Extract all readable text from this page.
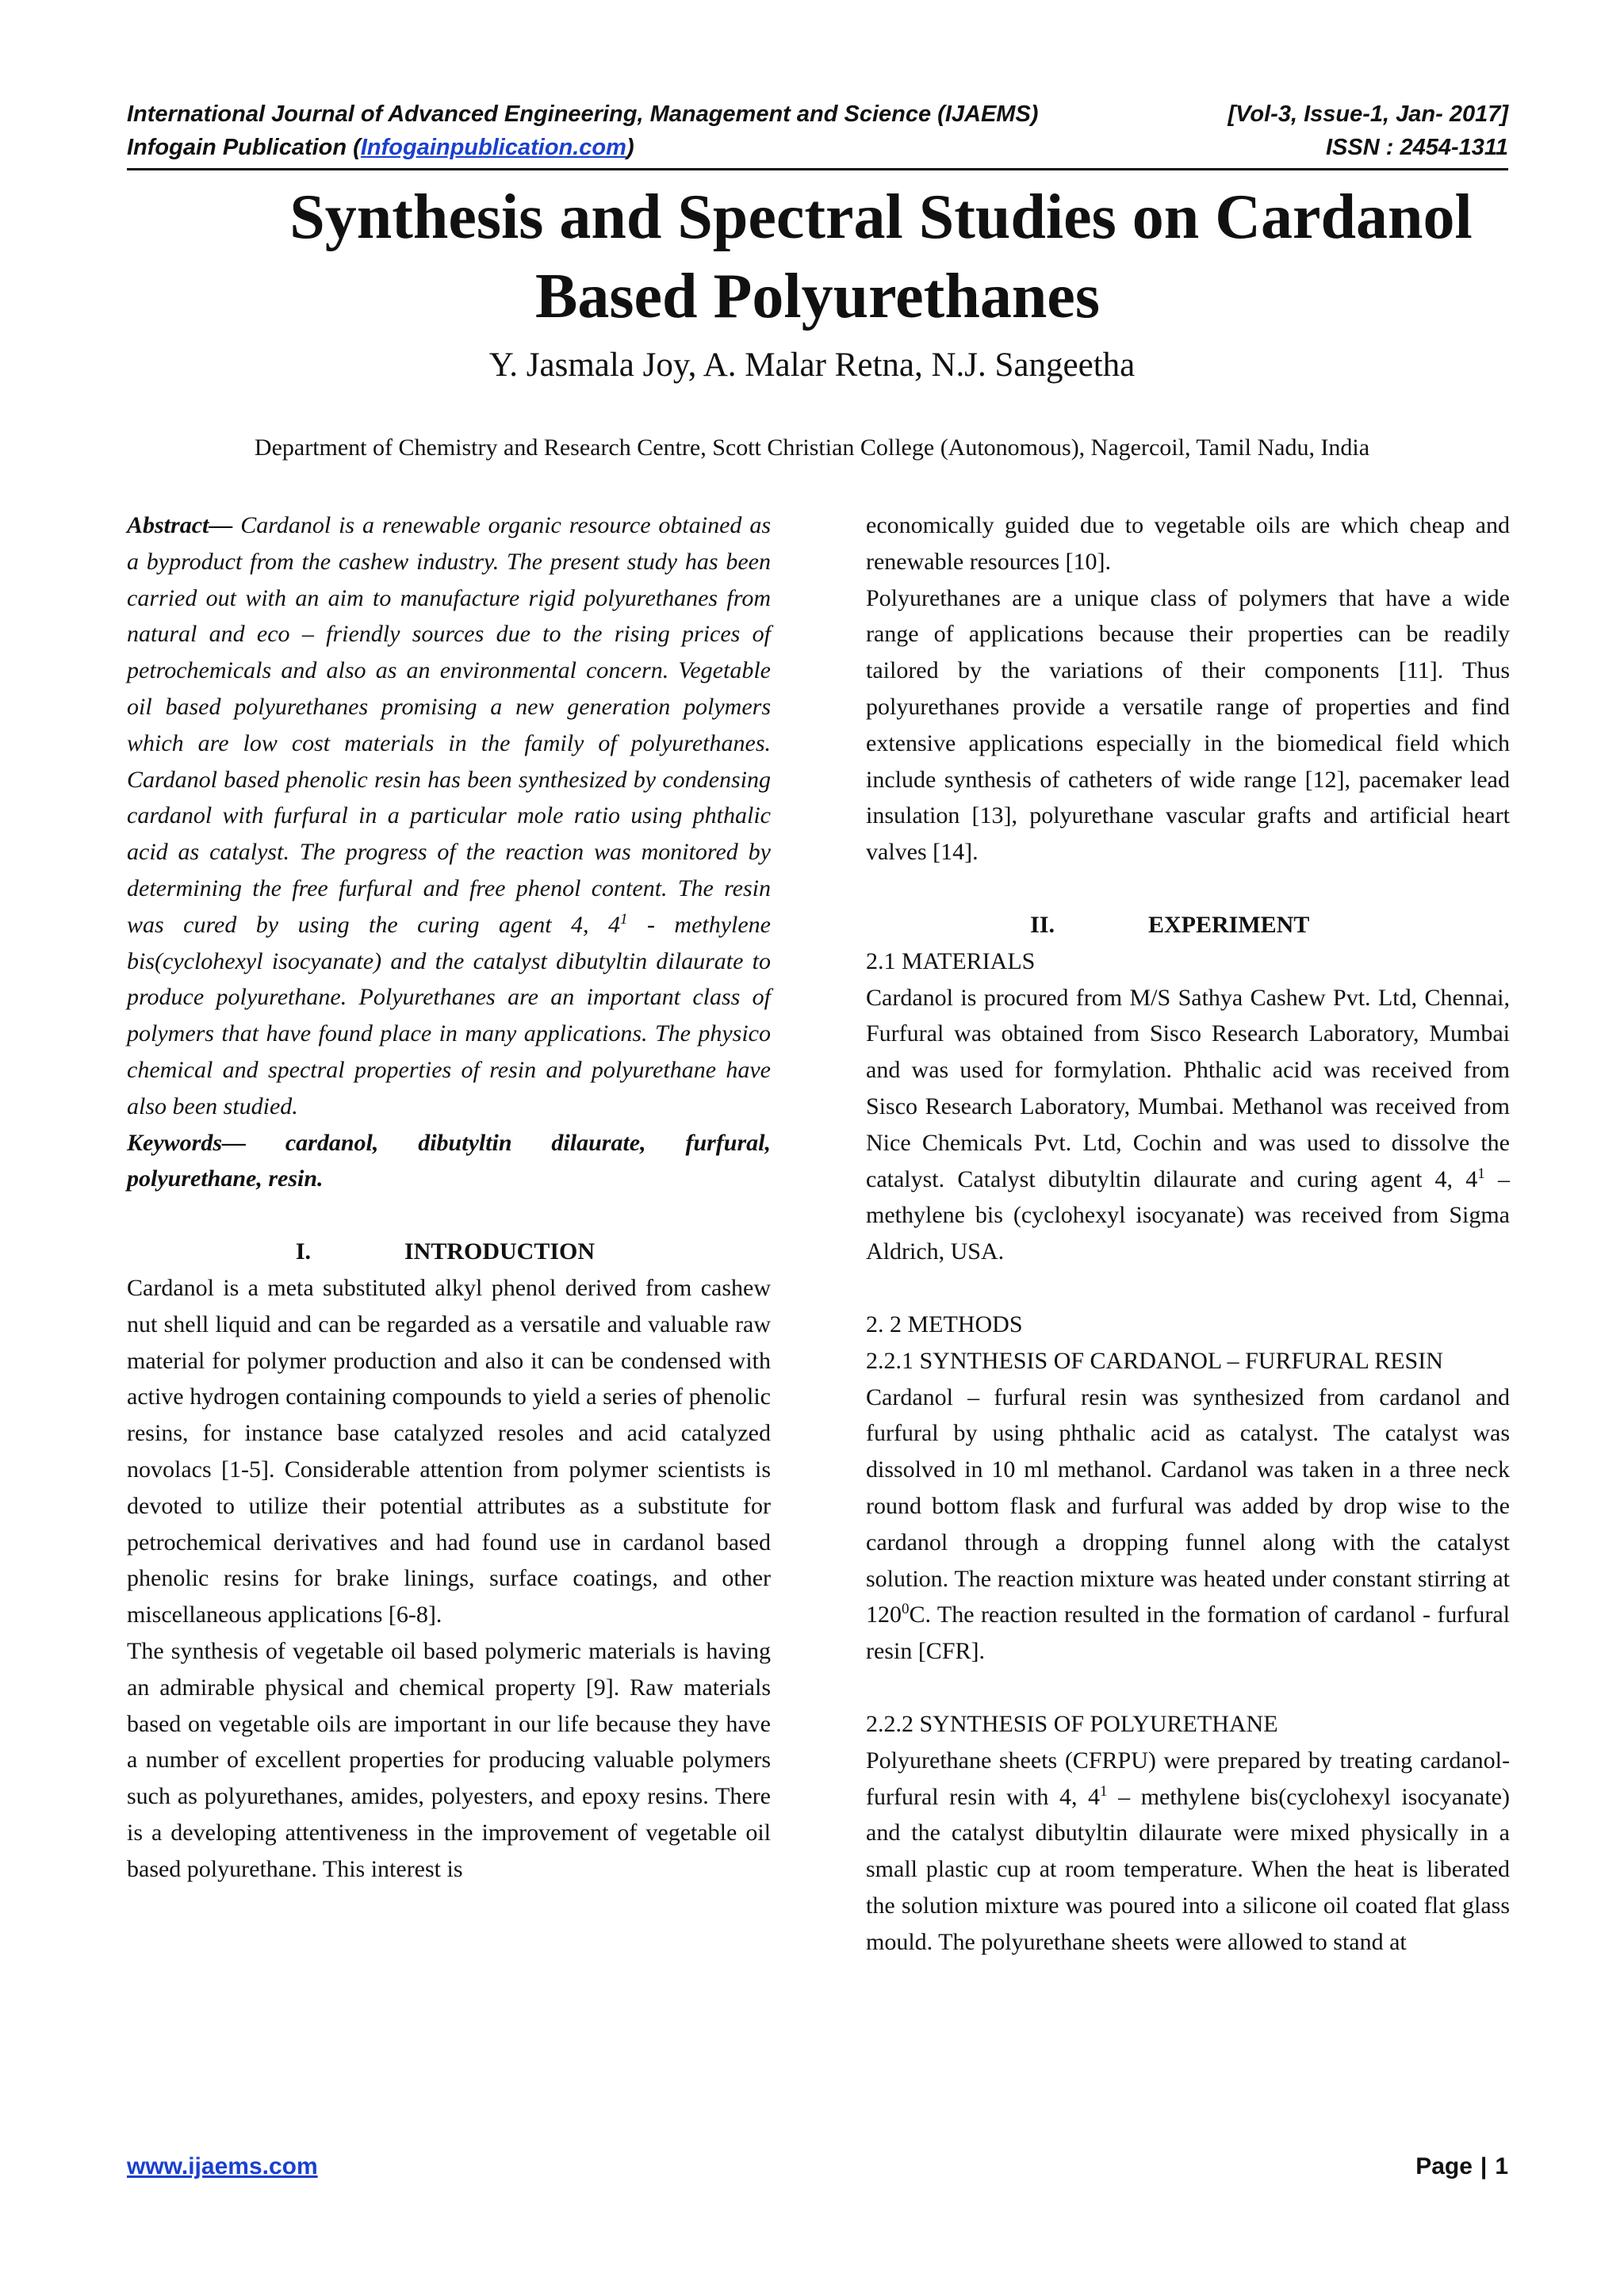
International Journal of Advanced Engineering, Management and Science (IJAEMS)	[Vol-3, Issue-1, Jan- 2017]
Infogain Publication (Infogainpublication.com)	ISSN : 2454-1311
Synthesis and Spectral Studies on Cardanol
Based Polyurethanes
Y. Jasmala Joy, A. Malar Retna, N.J. Sangeetha
Department of Chemistry and Research Centre, Scott Christian College (Autonomous), Nagercoil, Tamil Nadu, India

Abstract— Cardanol is a renewable organic resource obtained as a byproduct from the cashew industry. The present study has been carried out with an aim to manufacture rigid polyurethanes from natural and eco – friendly sources due to the rising prices of petrochemicals and also as an environmental concern. Vegetable oil based polyurethanes promising a new generation polymers which are low cost materials in the family of polyurethanes. Cardanol based phenolic resin has been synthesized by condensing cardanol with furfural in a particular mole ratio using phthalic acid as catalyst. The progress of the reaction was monitored by determining the free furfural and free phenol content. The resin was cured by using the curing agent 4, $4^1$ - methylene bis(cyclohexyl isocyanate) and the catalyst dibutyltin dilaurate to produce polyurethane. Polyurethanes are an important class of polymers that have found place in many applications. The physico chemical and spectral properties of resin and polyurethane have also been studied.

Keywords— cardanol, dibutyltin dilaurate, furfural, polyurethane, resin.

I.	INTRODUCTION

Cardanol is a meta substituted alkyl phenol derived from cashew nut shell liquid and can be regarded as a versatile and valuable raw material for polymer production and also it can be condensed with active hydrogen containing compounds to yield a series of phenolic resins, for instance base catalyzed resoles and acid catalyzed novolacs [1-5]. Considerable attention from polymer scientists is devoted to utilize their potential attributes as a substitute for petrochemical derivatives and had found use in cardanol based phenolic resins for brake linings, surface coatings, and other miscellaneous applications [6-8].

The synthesis of vegetable oil based polymeric materials is having an admirable physical and chemical property [9]. Raw materials based on vegetable oils are important in our life because they have a number of excellent properties for producing valuable polymers such as polyurethanes, amides, polyesters, and epoxy resins. There is a developing attentiveness in the improvement of vegetable oil based polyurethane. This interest is

economically guided due to vegetable oils are which cheap and renewable resources [10].

Polyurethanes are a unique class of polymers that have a wide range of applications because their properties can be readily tailored by the variations of their components [11]. Thus polyurethanes provide a versatile range of properties and find extensive applications especially in the biomedical field which include synthesis of catheters of wide range [12], pacemaker lead insulation [13], polyurethane vascular grafts and artificial heart valves [14].

II.	EXPERIMENT

2.1 MATERIALS

Cardanol is procured from M/S Sathya Cashew Pvt. Ltd, Chennai, Furfural was obtained from Sisco Research Laboratory, Mumbai and was used for formylation. Phthalic acid was received from Sisco Research Laboratory, Mumbai. Methanol was received from Nice Chemicals Pvt. Ltd, Cochin and was used to dissolve the catalyst. Catalyst dibutyltin dilaurate and curing agent 4, $4^1$ – methylene bis (cyclohexyl isocyanate) was received from Sigma Aldrich, USA.

2. 2 METHODS

2.2.1 SYNTHESIS OF CARDANOL – FURFURAL RESIN

Cardanol – furfural resin was synthesized from cardanol and furfural by using phthalic acid as catalyst. The catalyst was dissolved in 10 ml methanol. Cardanol was taken in a three neck round bottom flask and furfural was added by drop wise to the cardanol through a dropping funnel along with the catalyst solution. The reaction mixture was heated under constant stirring at $120^0C$. The reaction resulted in the formation of cardanol - furfural resin [CFR].

2.2.2 SYNTHESIS OF POLYURETHANE

Polyurethane sheets (CFRPU) were prepared by treating cardanol- furfural resin with 4, $4^1$ – methylene bis(cyclohexyl isocyanate) and the catalyst dibutyltin dilaurate were mixed physically in a small plastic cup at room temperature. When the heat is liberated the solution mixture was poured into a silicone oil coated flat glass mould. The polyurethane sheets were allowed to stand at

www.ijaems.com	Page | 1
